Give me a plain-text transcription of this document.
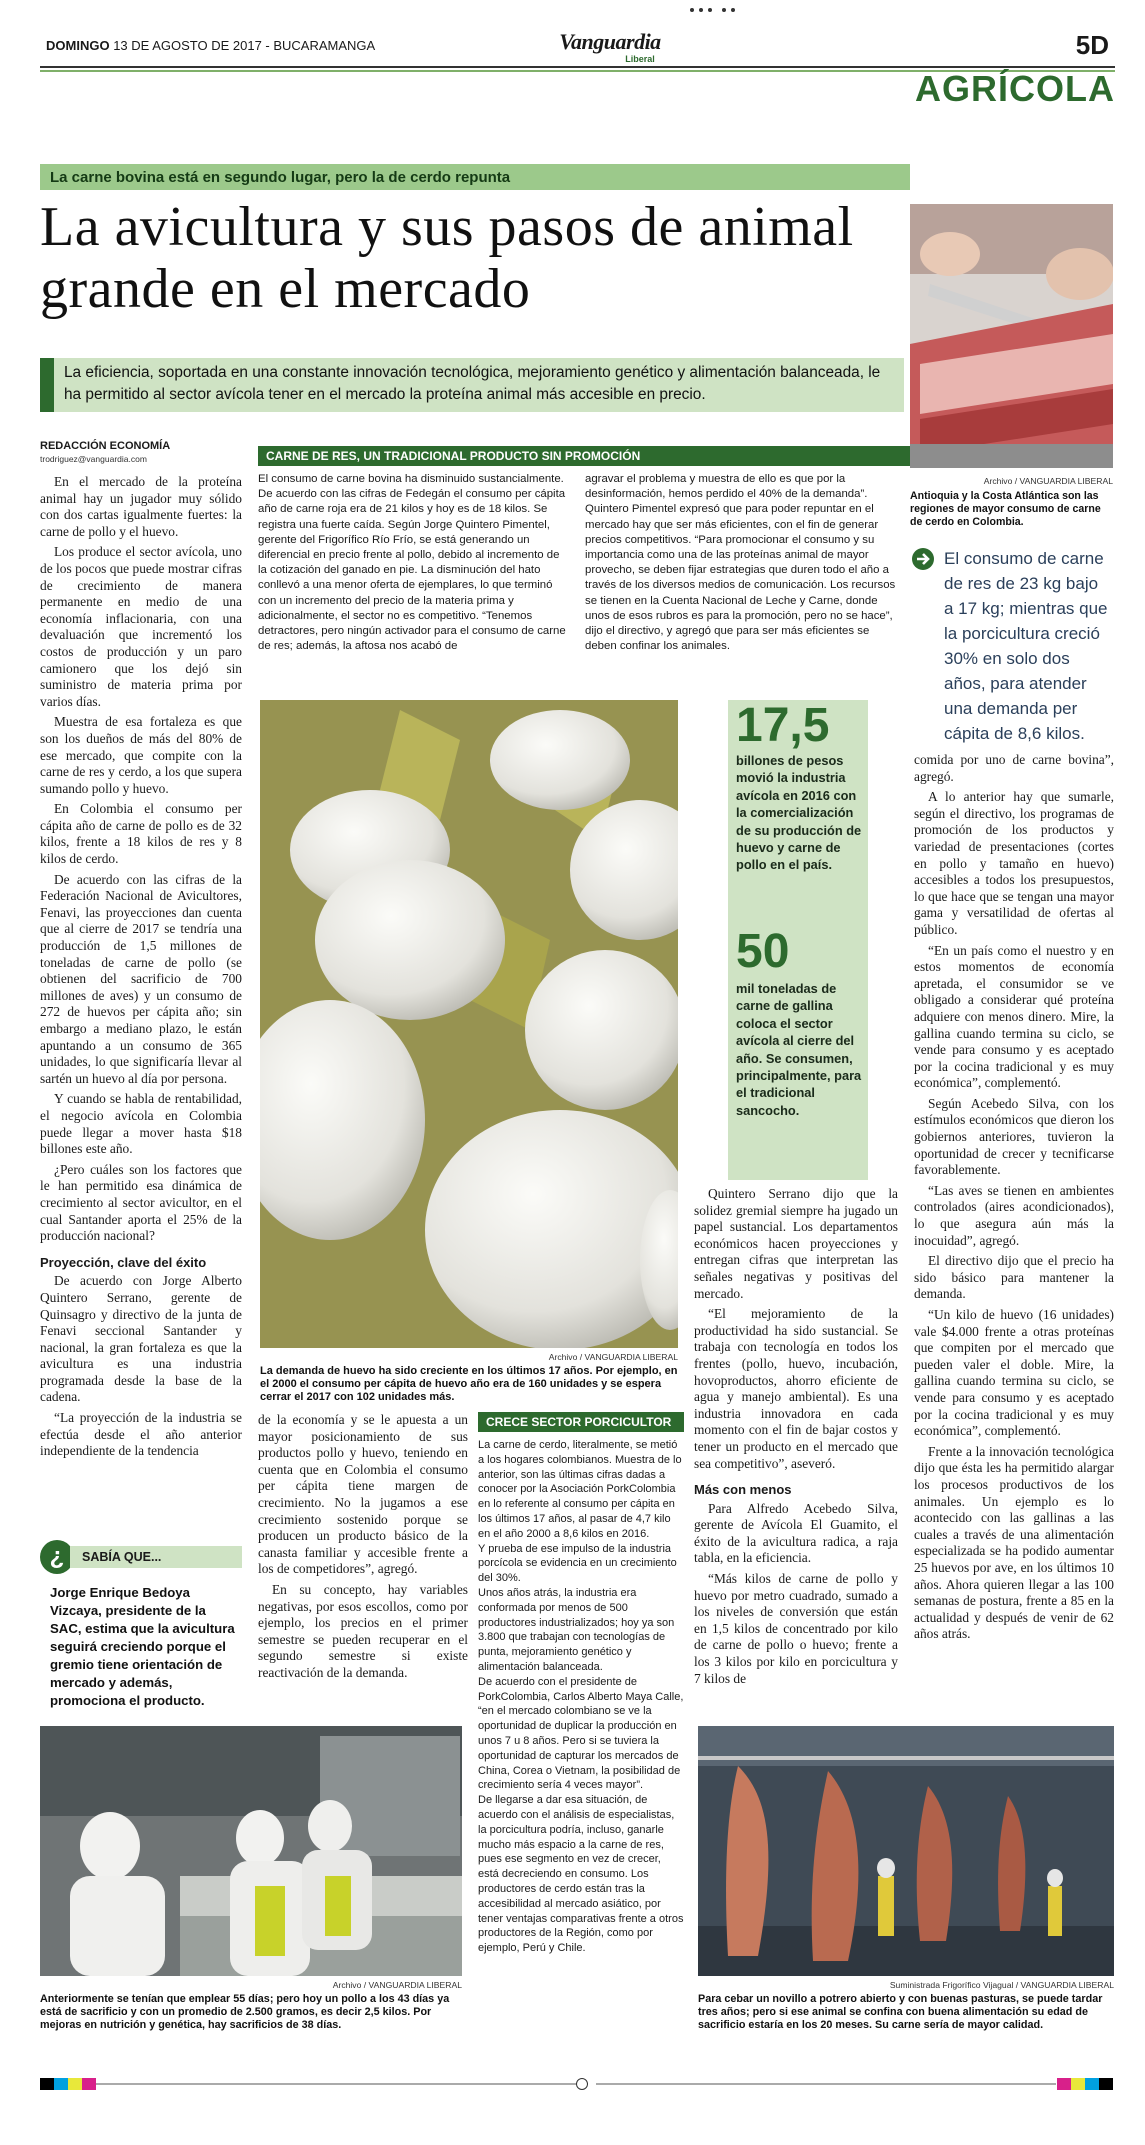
DOMINGO 13 DE AGOSTO DE 2017 - BUCARAMANGA	Vanguardia
Liberal	5D
AGRÍCOLA
La carne bovina está en segundo lugar, pero la de cerdo repunta
La avicultura y sus pasos de animal grande en el mercado
La eficiencia, soportada en una constante innovación tecnológica, mejoramiento genético y alimentación balanceada, le ha permitido al sector avícola tener en el mercado la proteína animal más accesible en precio.
Archivo / VANGUARDIA LIBERAL
Antioquia y la Costa Atlántica son las regiones de mayor consumo de carne de cerdo en Colombia.
El consumo de carne de res de 23 kg bajo a 17 kg; mientras que la porcicultura creció 30% en solo dos años, para atender una demanda per cápita de 8,6 kilos.
REDACCIÓN ECONOMÍA
trodriguez@vanguardia.com

En el mercado de la proteína animal hay un jugador muy sólido con dos cartas igualmente fuertes: la carne de pollo y el huevo.

Los produce el sector avícola, uno de los pocos que puede mostrar cifras de crecimiento de manera permanente en medio de una economía inflacionaria, con una devaluación que incrementó los costos de producción y un paro camionero que los dejó sin suministro de materia prima por varios días.

Muestra de esa fortaleza es que son los dueños de más del 80% de ese mercado, que compite con la carne de res y cerdo, a los que supera sumando pollo y huevo.

En Colombia el consumo per cápita año de carne de pollo es de 32 kilos, frente a 18 kilos de res y 8 kilos de cerdo.

De acuerdo con las cifras de la Federación Nacional de Avicultores, Fenavi, las proyecciones dan cuenta que al cierre de 2017 se tendría una producción de 1,5 millones de toneladas de carne de pollo (se obtienen del sacrificio de 700 millones de aves) y un consumo de 272 de huevos per cápita año; sin embargo a mediano plazo, le están apuntando a un consumo de 365 unidades, lo que significaría llevar al sartén un huevo al día por persona.

Y cuando se habla de rentabilidad, el negocio avícola en Colombia puede llegar a mover hasta $18 billones este año.

¿Pero cuáles son los factores que le han permitido esa dinámica de crecimiento al sector avicultor, en el cual Santander aporta el 25% de la producción nacional?

Proyección, clave del éxito

De acuerdo con Jorge Alberto Quintero Serrano, gerente de Quinsagro y directivo de la junta de Fenavi seccional Santander y nacional, la gran fortaleza es que la avicultura es una industria programada desde la base de la cadena.

“La proyección de la industria se efectúa desde el año anterior independiente de la tendencia

¿	SABÍA QUE...
Jorge Enrique Bedoya Vizcaya, presidente de la SAC, estima que la avicultura seguirá creciendo porque el gremio tiene orientación de mercado y además, promociona el producto.
CARNE DE RES, UN TRADICIONAL PRODUCTO SIN PROMOCIÓN
El consumo de carne bovina ha disminuido sustancialmente. De acuerdo con las cifras de Fedegán el consumo per cápita año de carne roja era de 21 kilos y hoy es de 18 kilos. Se registra una fuerte caída. Según Jorge Quintero Pimentel, gerente del Frigorífico Río Frío, se está generando un diferencial en precio frente al pollo, debido al incremento de la cotización del ganado en pie. La disminución del hato conllevó a una menor oferta de ejemplares, lo que terminó con un incremento del precio de la materia prima y adicionalmente, el sector no es competitivo. “Tenemos detractores, pero ningún activador para el consumo de carne de res; además, la aftosa nos acabó de
agravar el problema y muestra de ello es que por la desinformación, hemos perdido el 40% de la demanda”. Quintero Pimentel expresó que para poder repuntar en el mercado hay que ser más eficientes, con el fin de generar precios competitivos. “Para promocionar el consumo y su importancia como una de las proteínas animal de mayor provecho, se deben fijar estrategias que duren todo el año a través de los diversos medios de comunicación. Los recursos se tienen en la Cuenta Nacional de Leche y Carne, donde unos de esos rubros es para la promoción, pero no se hace”, dijo el directivo, y agregó que para ser más eficientes se deben confinar los animales.
Archivo / VANGUARDIA LIBERAL
La demanda de huevo ha sido creciente en los últimos 17 años. Por ejemplo, en el 2000 el consumo per cápita de huevo año era de 160 unidades y se espera cerrar el 2017 con 102 unidades más.
17,5
billones de pesos movió la industria avícola en 2016 con la comercialización de su producción de huevo y carne de pollo en el país.
50
mil toneladas de carne de gallina coloca el sector avícola al cierre del año. Se consumen, principalmente, para el tradicional sancocho.

de la economía y se le apuesta a un mayor posicionamiento de sus productos pollo y huevo, teniendo en cuenta que en Colombia el consumo per cápita tiene margen de crecimiento. No la jugamos a ese crecimiento sostenido porque se producen un producto básico de la canasta familiar y accesible frente a los de competidores”, agregó.

En su concepto, hay variables negativas, por esos escollos, como por ejemplo, los precios en el primer semestre se pueden recuperar en el segundo semestre si existe reactivación de la demanda.

CRECE SECTOR PORCICULTOR
La carne de cerdo, literalmente, se metió a los hogares colombianos. Muestra de lo anterior, son las últimas cifras dadas a conocer por la Asociación PorkColombia en lo referente al consumo per cápita en los últimos 17 años, al pasar de 4,7 kilo en el año 2000 a 8,6 kilos en 2016.
Y prueba de ese impulso de la industria porcícola se evidencia en un crecimiento del 30%.
Unos años atrás, la industria era conformada por menos de 500 productores industrializados; hoy ya son 3.800 que trabajan con tecnologías de punta, mejoramiento genético y alimentación balanceada.
De acuerdo con el presidente de PorkColombia, Carlos Alberto Maya Calle, “en el mercado colombiano se ve la oportunidad de duplicar la producción en unos 7 u 8 años. Pero si se tuviera la oportunidad de capturar los mercados de China, Corea o Vietnam, la posibilidad de crecimiento sería 4 veces mayor”.
De llegarse a dar esa situación, de acuerdo con el análisis de especialistas, la porcicultura podría, incluso, ganarle mucho más espacio a la carne de res, pues ese segmento en vez de crecer, está decreciendo en consumo. Los productores de cerdo están tras la accesibilidad al mercado asiático, por tener ventajas comparativas frente a otros productores de la Región, como por ejemplo, Perú y Chile.

Quintero Serrano dijo que la solidez gremial siempre ha jugado un papel sustancial. Los departamentos económicos hacen proyecciones y entregan cifras que interpretan las señales negativas y positivas del mercado.

“El mejoramiento de la productividad ha sido sustancial. Se trabaja con tecnología en todos los frentes (pollo, huevo, incubación, hovoproductos, ahorro eficiente de agua y manejo ambiental). Es una industria innovadora en cada momento con el fin de bajar costos y tener un producto en el mercado que sea competitivo”, aseveró.

Más con menos

Para Alfredo Acebedo Silva, gerente de Avícola El Guamito, el éxito de la avicultura radica, a raja tabla, en la eficiencia.

“Más kilos de carne de pollo y huevo por metro cuadrado, sumado a los niveles de conversión que están en 1,5 kilos de concentrado por kilo de carne de pollo o huevo; frente a los 3 kilos por kilo en porcicultura y 7 kilos de

comida por uno de carne bovina”, agregó.

A lo anterior hay que sumarle, según el directivo, los programas de promoción de los productos y variedad de presentaciones (cortes en pollo y tamaño en huevo) accesibles a todos los presupuestos, lo que hace que se tengan una mayor gama y versatilidad de ofertas al público.

“En un país como el nuestro y en estos momentos de economía apretada, el consumidor se ve obligado a considerar qué proteína adquiere con menos dinero. Mire, la gallina cuando termina su ciclo, se vende para consumo y es aceptado por la cocina tradicional y es muy económica”, complementó.

Según Acebedo Silva, con los estímulos económicos que dieron los gobiernos anteriores, tuvieron la oportunidad de crecer y tecnificarse favorablemente.

“Las aves se tienen en ambientes controlados (aires acondicionados), lo que asegura aún más la inocuidad”, agregó.

El directivo dijo que el precio ha sido básico para mantener la demanda.

“Un kilo de huevo (16 unidades) vale $4.000 frente a otras proteínas que compiten por el mercado que pueden valer el doble. Mire, la gallina cuando termina su ciclo, se vende para consumo y es aceptado por la cocina tradicional y es muy económica”, complementó.

Frente a la innovación tecnológica dijo que ésta les ha permitido alargar los procesos productivos de los animales. Un ejemplo es lo acontecido con las gallinas a las cuales a través de una alimentación especializada se ha podido aumentar 25 huevos por ave, en los últimos 10 años. Ahora quieren llegar a las 100 semanas de postura, frente a 85 en la actualidad y después de venir de 62 años atrás.

Archivo / VANGUARDIA LIBERAL
Anteriormente se tenían que emplear 55 días; pero hoy un pollo a los 43 días ya está de sacrificio y con un promedio de 2.500 gramos, es decir 2,5 kilos. Por mejoras en nutrición y genética, hay sacrificios de 38 días.
Suministrada Frigorífico Vijagual / VANGUARDIA LIBERAL
Para cebar un novillo a potrero abierto y con buenas pasturas, se puede tardar tres años; pero si ese animal se confina con buena alimentación su edad de sacrificio estaría en los 20 meses. Su carne sería de mayor calidad.
